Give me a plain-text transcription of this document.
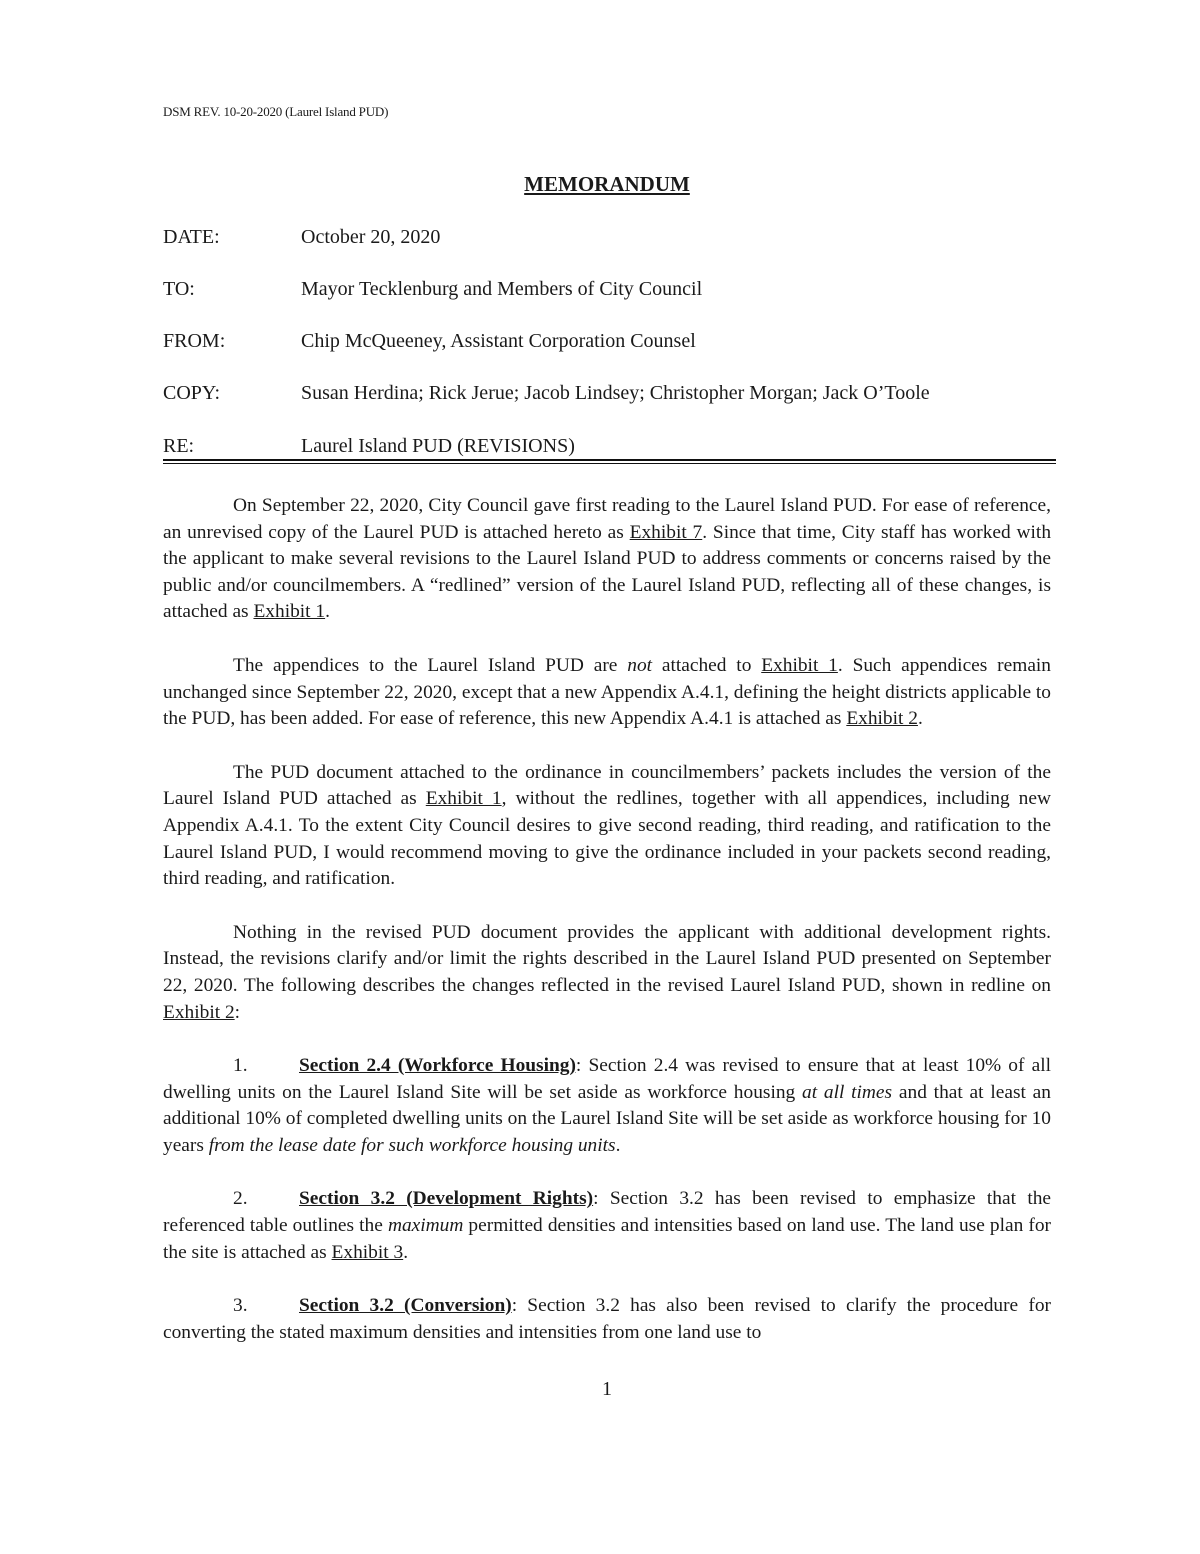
DSM REV. 10-20-2020 (Laurel Island PUD)
MEMORANDUM
DATE:	October 20, 2020
TO:	Mayor Tecklenburg and Members of City Council
FROM:	Chip McQueeney, Assistant Corporation Counsel
COPY:	Susan Herdina; Rick Jerue; Jacob Lindsey; Christopher Morgan; Jack O’Toole
RE:	Laurel Island PUD (REVISIONS)
On September 22, 2020, City Council gave first reading to the Laurel Island PUD. For ease of reference, an unrevised copy of the Laurel PUD is attached hereto as Exhibit 7. Since that time, City staff has worked with the applicant to make several revisions to the Laurel Island PUD to address comments or concerns raised by the public and/or councilmembers. A “redlined” version of the Laurel Island PUD, reflecting all of these changes, is attached as Exhibit 1.
The appendices to the Laurel Island PUD are not attached to Exhibit 1. Such appendices remain unchanged since September 22, 2020, except that a new Appendix A.4.1, defining the height districts applicable to the PUD, has been added. For ease of reference, this new Appendix A.4.1 is attached as Exhibit 2.
The PUD document attached to the ordinance in councilmembers’ packets includes the version of the Laurel Island PUD attached as Exhibit 1, without the redlines, together with all appendices, including new Appendix A.4.1. To the extent City Council desires to give second reading, third reading, and ratification to the Laurel Island PUD, I would recommend moving to give the ordinance included in your packets second reading, third reading, and ratification.
Nothing in the revised PUD document provides the applicant with additional development rights. Instead, the revisions clarify and/or limit the rights described in the Laurel Island PUD presented on September 22, 2020. The following describes the changes reflected in the revised Laurel Island PUD, shown in redline on Exhibit 2:
1.	Section 2.4 (Workforce Housing): Section 2.4 was revised to ensure that at least 10% of all dwelling units on the Laurel Island Site will be set aside as workforce housing at all times and that at least an additional 10% of completed dwelling units on the Laurel Island Site will be set aside as workforce housing for 10 years from the lease date for such workforce housing units.
2.	Section 3.2 (Development Rights): Section 3.2 has been revised to emphasize that the referenced table outlines the maximum permitted densities and intensities based on land use. The land use plan for the site is attached as Exhibit 3.
3.	Section 3.2 (Conversion): Section 3.2 has also been revised to clarify the procedure for converting the stated maximum densities and intensities from one land use to
1
